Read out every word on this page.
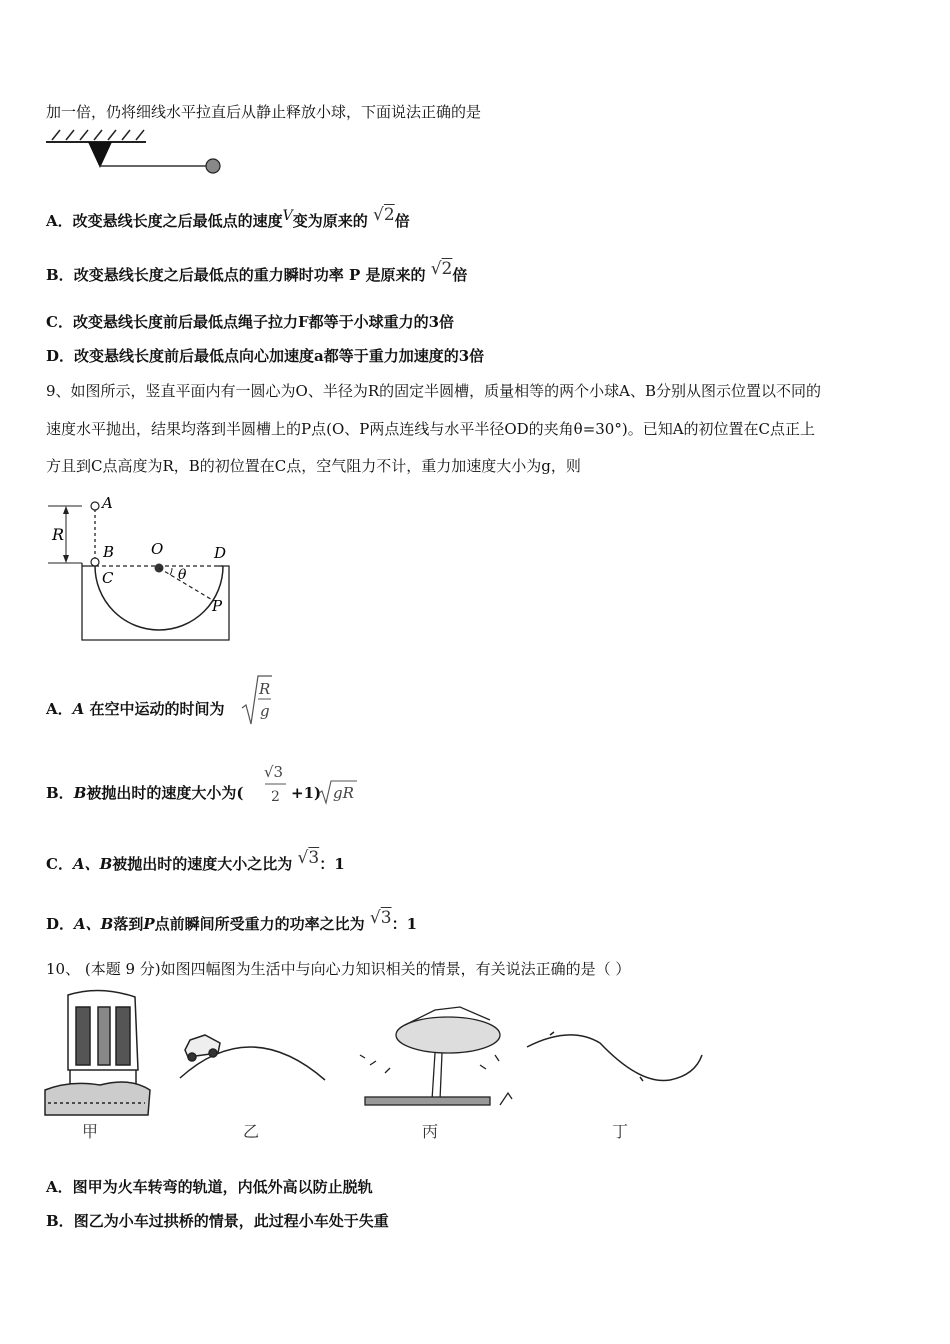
加一倍，仍将细线水平拉直后从静止释放小球，下面说法正确的是
A．改变悬线长度之后最低点的速度$^V$变为原来的 √2倍
B．改变悬线长度之后最低点的重力瞬时功率 P 是原来的 √2倍
C．改变悬线长度前后最低点绳子拉力F都等于小球重力的3倍
D．改变悬线长度前后最低点向心加速度a都等于重力加速度的3倍
9、如图所示，竖直平面内有一圆心为O、半径为R的固定半圆槽，质量相等的两个小球A、B分别从图示位置以不同的
速度水平抛出，结果均落到半圆槽上的P点(O、P两点连线与水平半径OD的夹角θ=30°)。已知A的初位置在C点正上
方且到C点高度为R，B的初位置在C点，空气阻力不计，重力加速度大小为g，则
R
A
B
C
O	D
θ
P
A．A 在空中运动的时间为
R
g
B．B被抛出时的速度大小为(
√3
2 +1) gR
C．A、B被抛出时的速度大小之比为 √3：1
D．A、B落到P点前瞬间所受重力的功率之比为 √3：1
10、 (本题 9 分)如图四幅图为生活中与向心力知识相关的情景，有关说法正确的是（ ）
甲	乙	丙	丁
A．图甲为火车转弯的轨道，内低外高以防止脱轨
B．图乙为小车过拱桥的情景，此过程小车处于失重
